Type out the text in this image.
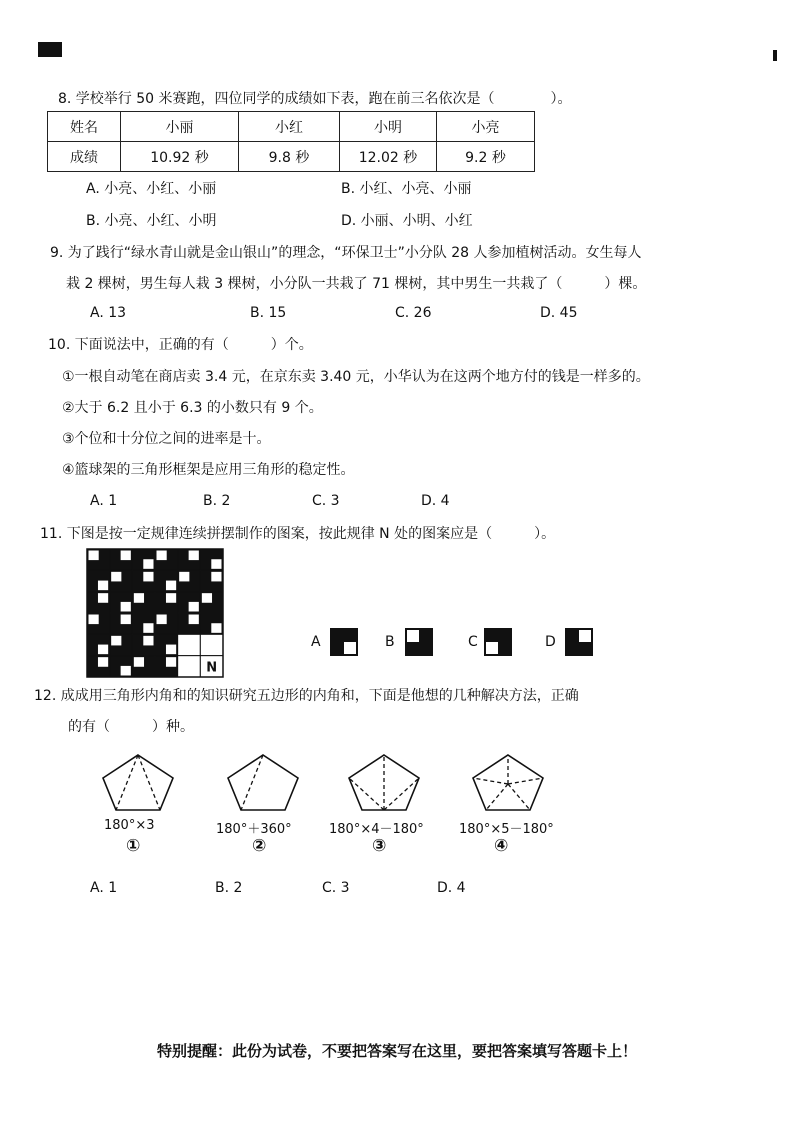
8. 学校举行 50 米赛跑，四位同学的成绩如下表，跑在前三名依次是（　　　　）。
姓名	小丽	小红	小明	小亮
成绩	10.92 秒	9.8 秒	12.02 秒	9.2 秒
A. 小亮、小红、小丽	B. 小红、小亮、小丽
B. 小亮、小红、小明	D. 小丽、小明、小红
9. 为了践行“绿水青山就是金山银山”的理念，“环保卫士”小分队 28 人参加植树活动。女生每人
栽 2 棵树，男生每人栽 3 棵树，小分队一共栽了 71 棵树，其中男生一共栽了（　　　）棵。
A. 13	B. 15	C. 26	D. 45
10. 下面说法中，正确的有（　　　）个。
①一根自动笔在商店卖 3.4 元，在京东卖 3.40 元，小华认为在这两个地方付的钱是一样多的。
②大于 6.2 且小于 6.3 的小数只有 9 个。
③个位和十分位之间的进率是十。
④篮球架的三角形框架是应用三角形的稳定性。
A. 1	B. 2	C. 3	D. 4
11. 下图是按一定规律连续拼摆制作的图案，按此规律 N 处的图案应是（　　　）。
N
A	B	C	D
12. 成成用三角形内角和的知识研究五边形的内角和，下面是他想的几种解决方法，正确
的有（　　　）种。
180°×3	180°＋360°	180°×4－180°	180°×5－180°
①	②	③	④
A. 1	B. 2	C. 3	D. 4
特别提醒：此份为试卷，不要把答案写在这里，要把答案填写答题卡上！
